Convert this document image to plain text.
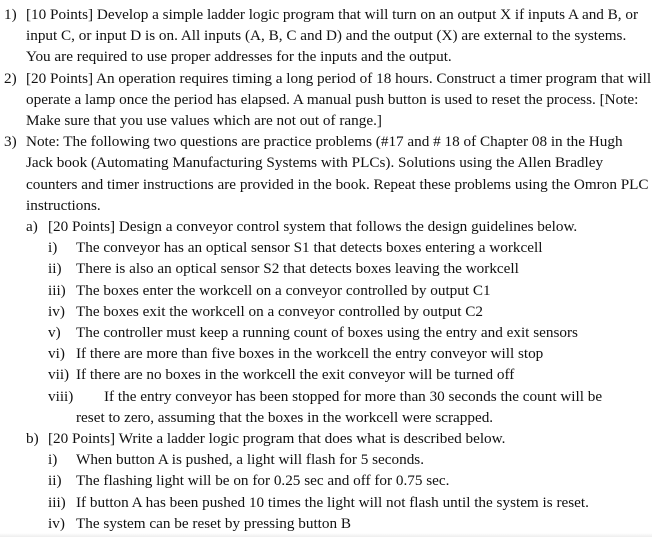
1) [10 Points] Develop a simple ladder logic program that will turn on an output X if inputs A and B, or input C, or input D is on. All inputs (A, B, C and D) and the output (X) are external to the systems. You are required to use proper addresses for the inputs and the output.
2) [20 Points] An operation requires timing a long period of 18 hours. Construct a timer program that will operate a lamp once the period has elapsed. A manual push button is used to reset the process. [Note: Make sure that you use values which are not out of range.]
3) Note: The following two questions are practice problems (#17 and # 18 of Chapter 08 in the Hugh Jack book (Automating Manufacturing Systems with PLCs). Solutions using the Allen Bradley counters and timer instructions are provided in the book. Repeat these problems using the Omron PLC instructions.
a) [20 Points] Design a conveyor control system that follows the design guidelines below.
i) The conveyor has an optical sensor S1 that detects boxes entering a workcell
ii) There is also an optical sensor S2 that detects boxes leaving the workcell
iii) The boxes enter the workcell on a conveyor controlled by output C1
iv) The boxes exit the workcell on a conveyor controlled by output C2
v) The controller must keep a running count of boxes using the entry and exit sensors
vi) If there are more than five boxes in the workcell the entry conveyor will stop
vii) If there are no boxes in the workcell the exit conveyor will be turned off
viii) If the entry conveyor has been stopped for more than 30 seconds the count will be
reset to zero, assuming that the boxes in the workcell were scrapped.
b) [20 Points] Write a ladder logic program that does what is described below.
i) When button A is pushed, a light will flash for 5 seconds.
ii) The flashing light will be on for 0.25 sec and off for 0.75 sec.
iii) If button A has been pushed 10 times the light will not flash until the system is reset.
iv) The system can be reset by pressing button B
